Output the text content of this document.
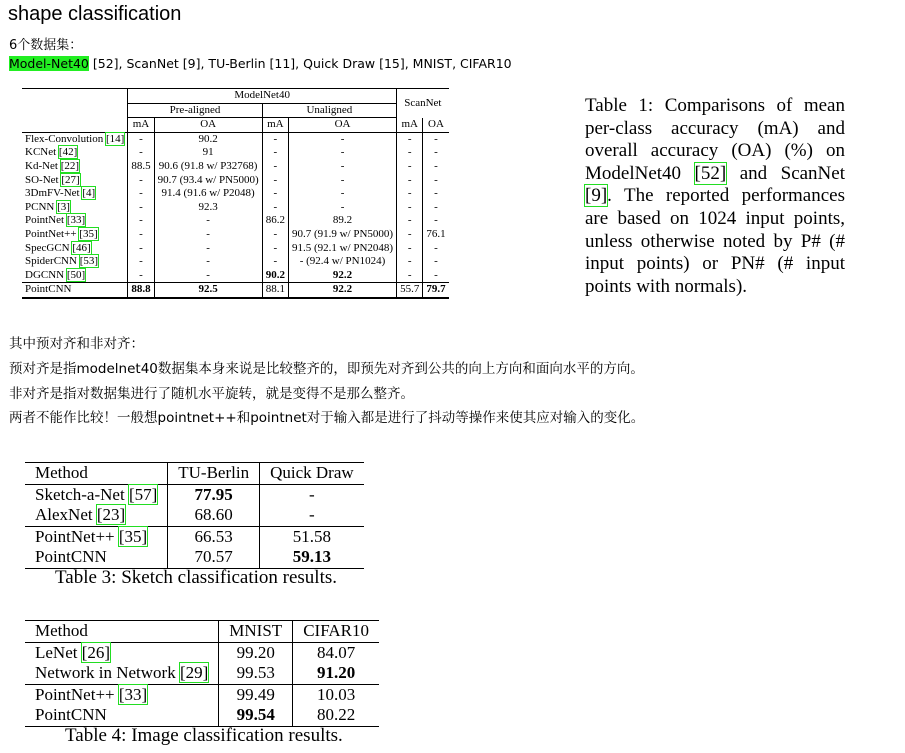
shape classification
6个数据集：
Model-Net40 [52], ScanNet [9], TU-Berlin [11], Quick Draw [15], MNIST, CIFAR10
	ModelNet40				ScanNet	
	Pre-aligned		Unaligned			
	mA	OA	mA	OA	mA	OA
Flex-Convolution [14]	-	90.2	-	-	-	-
KCNet [42]	-	91	-	-	-	-
Kd-Net [22]	88.5	90.6 (91.8 w/ P32768)	-	-	-	-
SO-Net [27]	-	90.7 (93.4 w/ PN5000)	-	-	-	-
3DmFV-Net [4]	-	91.4 (91.6 w/ P2048)	-	-	-	-
PCNN [3]	-	92.3	-	-	-	-
PointNet [33]	-	-	86.2	89.2	-	-
PointNet++ [35]	-	-	-	90.7 (91.9 w/ PN5000)	-	76.1
SpecGCN [46]	-	-	-	91.5 (92.1 w/ PN2048)	-	-
SpiderCNN [53]	-	-	-	- (92.4 w/ PN1024)	-	-
DGCNN [50]	-	-	90.2	92.2	-	-
PointCNN	88.8	92.5	88.1	92.2	55.7	79.7
Table 1: Comparisons of mean per-class accuracy (mA) and overall accuracy (OA) (%) on ModelNet40 [52] and ScanNet [9]. The reported performances are based on 1024 input points, unless otherwise noted by P# (# input points) or PN# (# input points with normals).
其中预对齐和非对齐：
预对齐是指modelnet40数据集本身来说是比较整齐的，即预先对齐到公共的向上方向和面向水平的方向。
非对齐是指对数据集进行了随机水平旋转，就是变得不是那么整齐。
两者不能作比较！一般想pointnet++和pointnet对于输入都是进行了抖动等操作来使其应对输入的变化。
Method	TU-Berlin	Quick Draw
Sketch-a-Net [57]	77.95	-
AlexNet [23]	68.60	-
PointNet++ [35]	66.53	51.58
PointCNN	70.57	59.13
Table 3: Sketch classification results.
Method	MNIST	CIFAR10
LeNet [26]	99.20	84.07
Network in Network [29]	99.53	91.20
PointNet++ [33]	99.49	10.03
PointCNN	99.54	80.22
Table 4: Image classification results.
